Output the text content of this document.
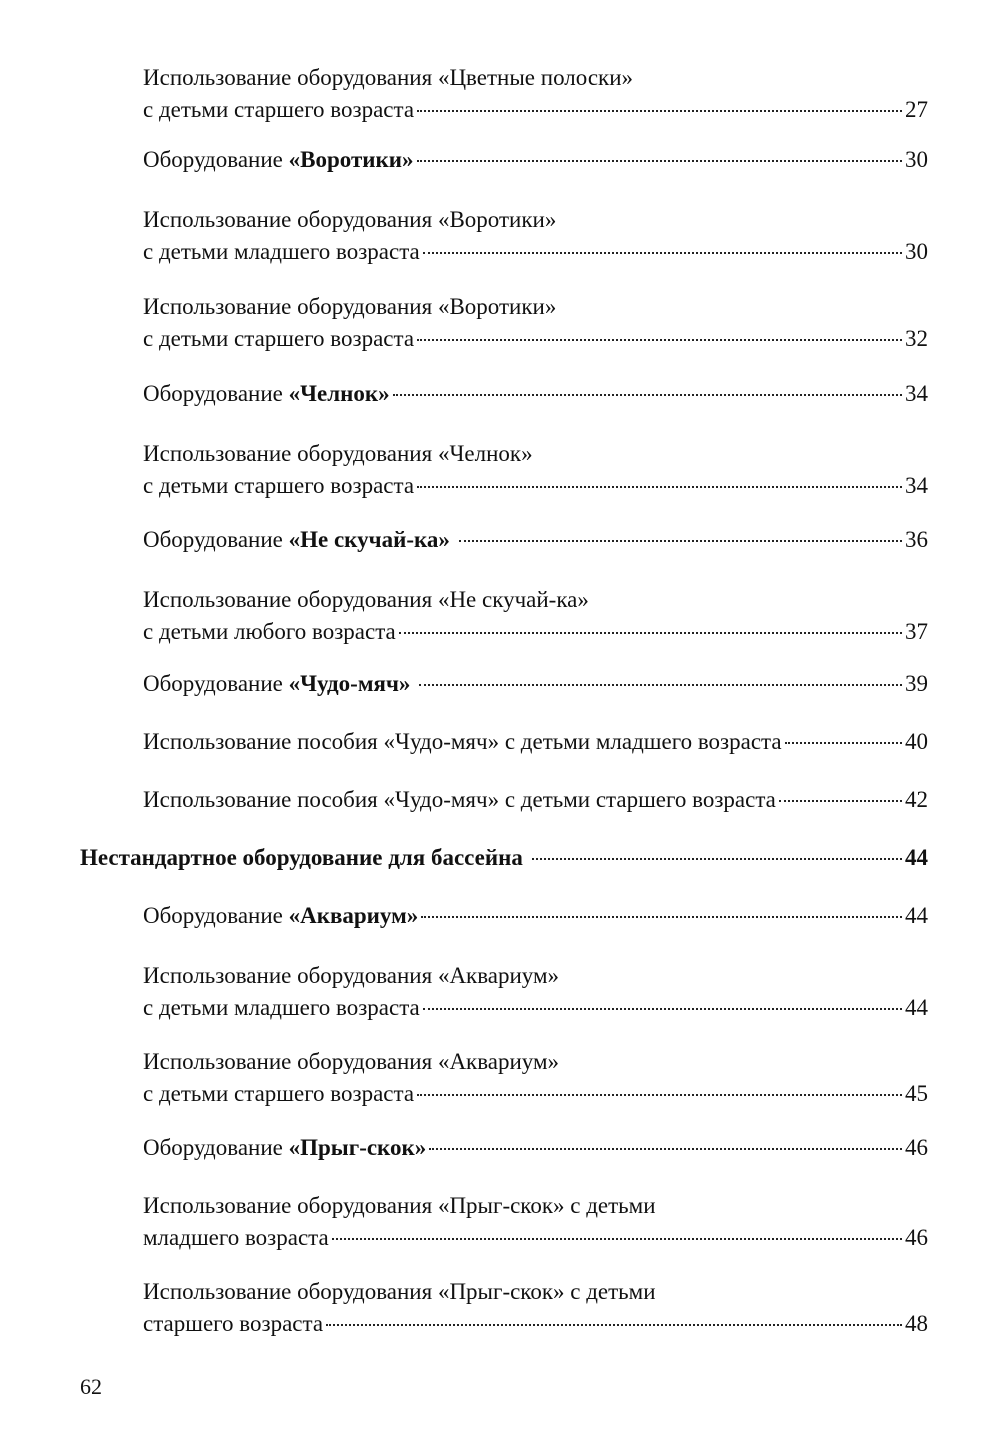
Использование оборудования «Цветные полоски»
с детьми старшего возраста	27
Оборудование «Воротики»	30
Использование оборудования «Воротики»
с детьми младшего возраста	30
Использование оборудования «Воротики»
с детьми старшего возраста	32
Оборудование «Челнок»	34
Использование оборудования «Челнок»
с детьми старшего возраста	34
Оборудование «Не скучай-ка»	36
Использование оборудования «Не скучай-ка»
с детьми любого возраста	37
Оборудование «Чудо-мяч»	39
Использование пособия «Чудо-мяч» с детьми младшего возраста	40
Использование пособия «Чудо-мяч» с детьми старшего возраста	42
Нестандартное оборудование для бассейна	44
Оборудование «Аквариум»	44
Использование оборудования «Аквариум»
с детьми младшего возраста	44
Использование оборудования «Аквариум»
с детьми старшего возраста	45
Оборудование «Прыг-скок»	46
Использование оборудования «Прыг-скок» с детьми
младшего возраста	46
Использование оборудования «Прыг-скок» с детьми
старшего возраста	48
62
